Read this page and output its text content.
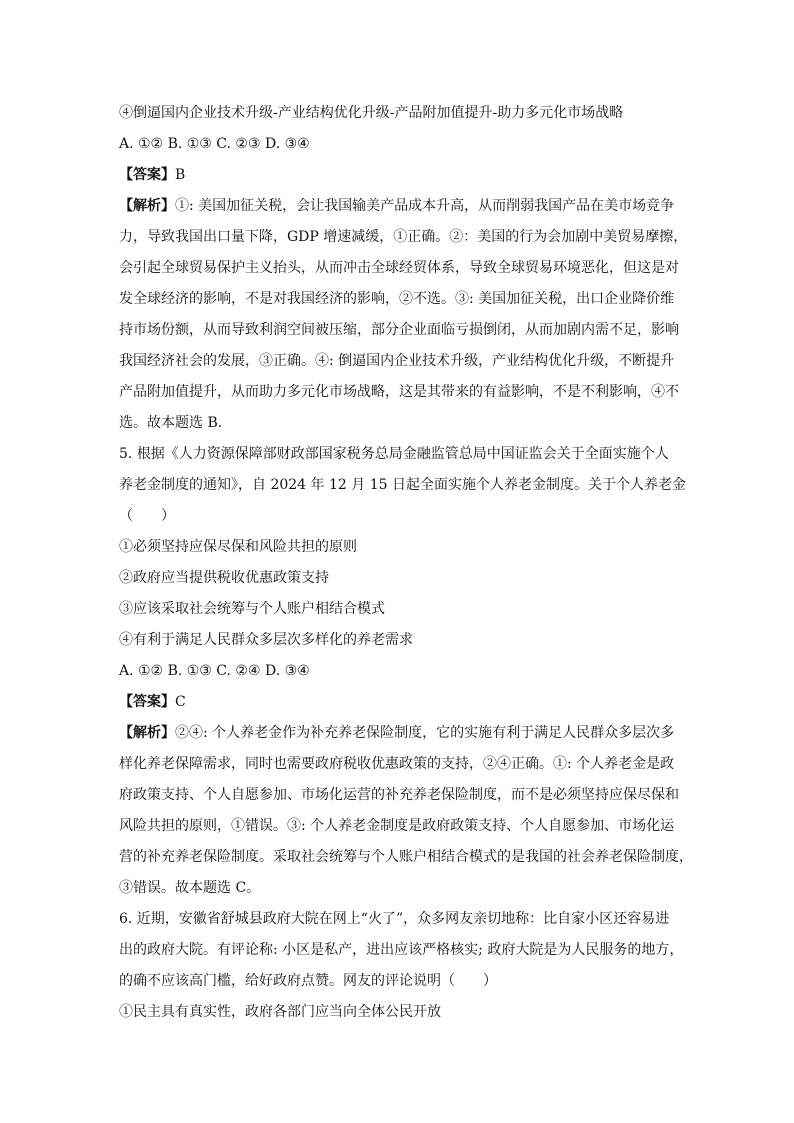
④倒逼国内企业技术升级-产业结构优化升级-产品附加值提升-助力多元化市场战略
A. ①② B. ①③ C. ②③ D. ③④
【答案】B
【解析】①: 美国加征关税，会让我国输美产品成本升高，从而削弱我国产品在美市场竞争
力，导致我国出口量下降，GDP 增速减缓，①正确。②：美国的行为会加剧中美贸易摩擦，
会引起全球贸易保护主义抬头，从而冲击全球经贸体系，导致全球贸易环境恶化，但这是对
发全球经济的影响，不是对我国经济的影响，②不选。③: 美国加征关税，出口企业降价维
持市场份额，从而导致利润空间被压缩，部分企业面临亏损倒闭，从而加剧内需不足，影响
我国经济社会的发展，③正确。④: 倒逼国内企业技术升级，产业结构优化升级，不断提升
产品附加值提升，从而助力多元化市场战略，这是其带来的有益影响，不是不利影响，④不
选。故本题选 B.
5. 根据《人力资源保障部财政部国家税务总局金融监管总局中国证监会关于全面实施个人
养老金制度的通知》，自 2024 年 12 月 15 日起全面实施个人养老金制度。关于个人养老金
（　　）
①必须坚持应保尽保和风险共担的原则
②政府应当提供税收优惠政策支持
③应该采取社会统筹与个人账户相结合模式
④有利于满足人民群众多层次多样化的养老需求
A. ①② B. ①③ C. ②④ D. ③④
【答案】C
【解析】②④: 个人养老金作为补充养老保险制度，它的实施有利于满足人民群众多层次多
样化养老保障需求，同时也需要政府税收优惠政策的支持，②④正确。①: 个人养老金是政
府政策支持、个人自愿参加、市场化运营的补充养老保险制度，而不是必须坚持应保尽保和
风险共担的原则，①错误。③: 个人养老金制度是政府政策支持、个人自愿参加、市场化运
营的补充养老保险制度。采取社会统筹与个人账户相结合模式的是我国的社会养老保险制度，
③错误。故本题选 C。
6. 近期，安徽省舒城县政府大院在网上“火了”，众多网友亲切地称：比自家小区还容易进
出的政府大院。有评论称: 小区是私产，进出应该严格核实; 政府大院是为人民服务的地方，
的确不应该高门槛，给好政府点赞。网友的评论说明（　　）
①民主具有真实性，政府各部门应当向全体公民开放
